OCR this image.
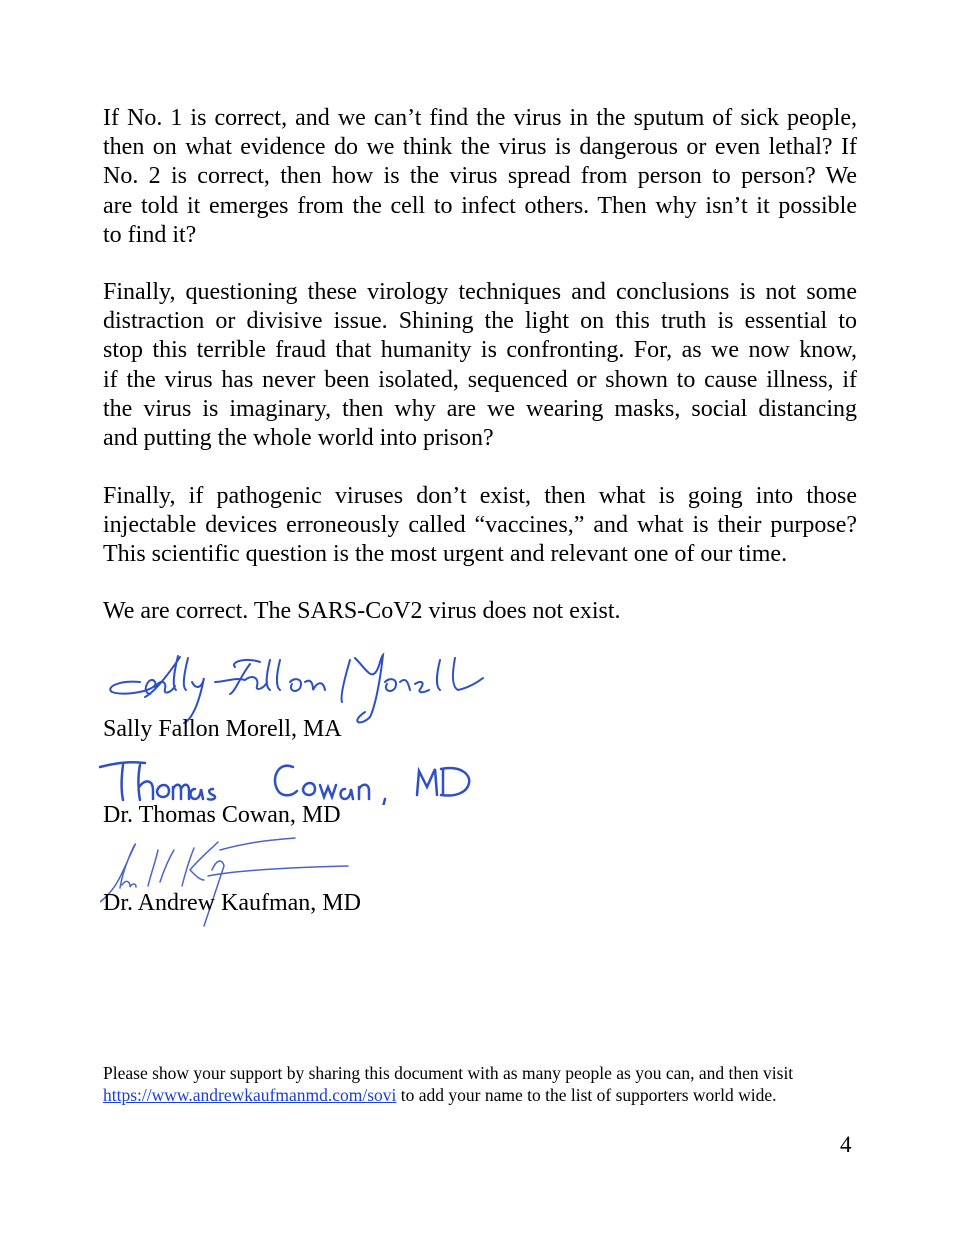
If No. 1 is correct, and we can’t find the virus in the sputum of sick people,
then on what evidence do we think the virus is dangerous or even lethal? If
No. 2 is correct, then how is the virus spread from person to person? We
are told it emerges from the cell to infect others. Then why isn’t it possible
to find it?
Finally, questioning these virology techniques and conclusions is not some
distraction or divisive issue. Shining the light on this truth is essential to
stop this terrible fraud that humanity is confronting. For, as we now know,
if the virus has never been isolated, sequenced or shown to cause illness, if
the virus is imaginary, then why are we wearing masks, social distancing
and putting the whole world into prison?
Finally, if pathogenic viruses don’t exist, then what is going into those
injectable devices erroneously called “vaccines,” and what is their purpose?
This scientific question is the most urgent and relevant one of our time.
We are correct. The SARS-CoV2 virus does not exist.
Sally Fallon Morell, MA
Dr. Thomas Cowan, MD
Dr. Andrew Kaufman, MD
Please show your support by sharing this document with as many people as you can, and then visit
https://www.andrewkaufmanmd.com/sovi to add your name to the list of supporters world wide.
4
